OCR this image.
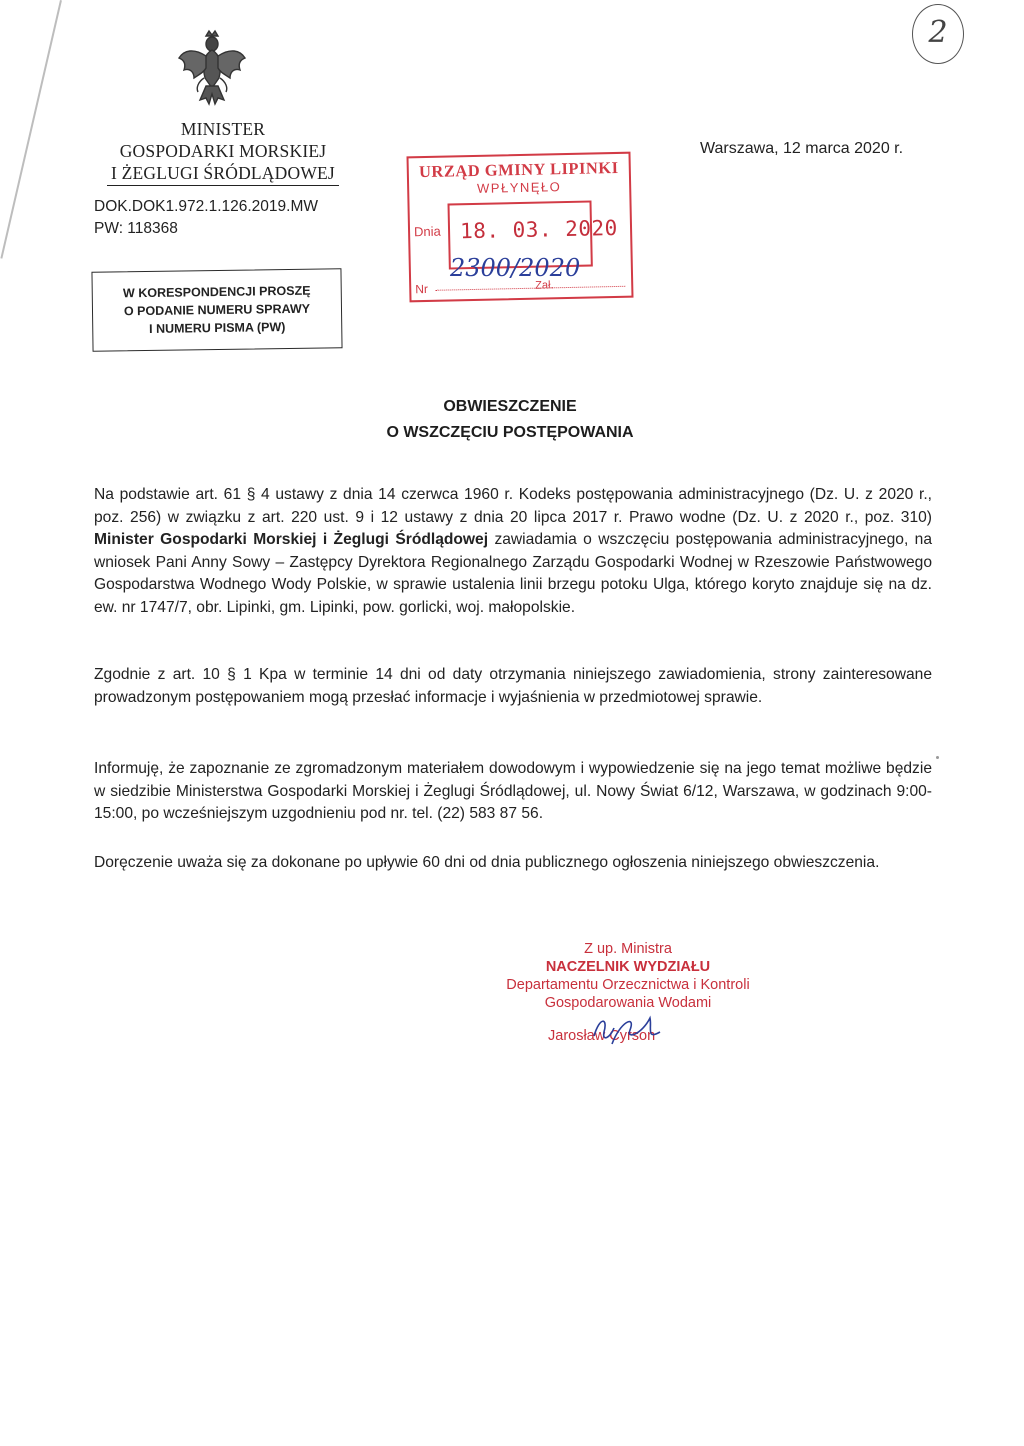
2
MINISTER
GOSPODARKI MORSKIEJ
I ŻEGLUGI ŚRÓDLĄDOWEJ
DOK.DOK1.972.1.126.2019.MW
PW: 118368
W KORESPONDENCJI PROSZĘ
O PODANIE NUMERU SPRAWY
I NUMERU PISMA (PW)
Warszawa, 12 marca 2020 r.
URZĄD GMINY LIPINKI
WPŁYNĘŁO
Dnia 18. 03. 2020
Nr	Zał.
2300/2020
OBWIESZCZENIE
O WSZCZĘCIU POSTĘPOWANIA
Na podstawie art. 61 § 4 ustawy z dnia 14 czerwca 1960 r. Kodeks postępowania administracyjnego (Dz. U. z 2020 r., poz. 256) w związku z art. 220 ust. 9 i 12 ustawy z dnia 20 lipca 2017 r. Prawo wodne (Dz. U. z 2020 r., poz. 310) Minister Gospodarki Morskiej i Żeglugi Śródlądowej zawiadamia o wszczęciu postępowania administracyjnego, na wniosek Pani Anny Sowy – Zastępcy Dyrektora Regionalnego Zarządu Gospodarki Wodnej w Rzeszowie Państwowego Gospodarstwa Wodnego Wody Polskie, w sprawie ustalenia linii brzegu potoku Ulga, którego koryto znajduje się na dz. ew. nr 1747/7, obr. Lipinki, gm. Lipinki, pow. gorlicki, woj. małopolskie.
Zgodnie z art. 10 § 1 Kpa w terminie 14 dni od daty otrzymania niniejszego zawiadomienia, strony zainteresowane prowadzonym postępowaniem mogą przesłać informacje i wyjaśnienia w przedmiotowej sprawie.
Informuję, że zapoznanie ze zgromadzonym materiałem dowodowym i wypowiedzenie się na jego temat możliwe będzie w siedzibie Ministerstwa Gospodarki Morskiej i Żeglugi Śródlądowej, ul. Nowy Świat 6/12, Warszawa, w godzinach 9:00-15:00, po wcześniejszym uzgodnieniu pod nr. tel. (22) 583 87 56.
Doręczenie uważa się za dokonane po upływie 60 dni od dnia publicznego ogłoszenia niniejszego obwieszczenia.
Z up. Ministra
NACZELNIK WYDZIAŁU
Departamentu Orzecznictwa i Kontroli
Gospodarowania Wodami
Jarosław Cyrson
